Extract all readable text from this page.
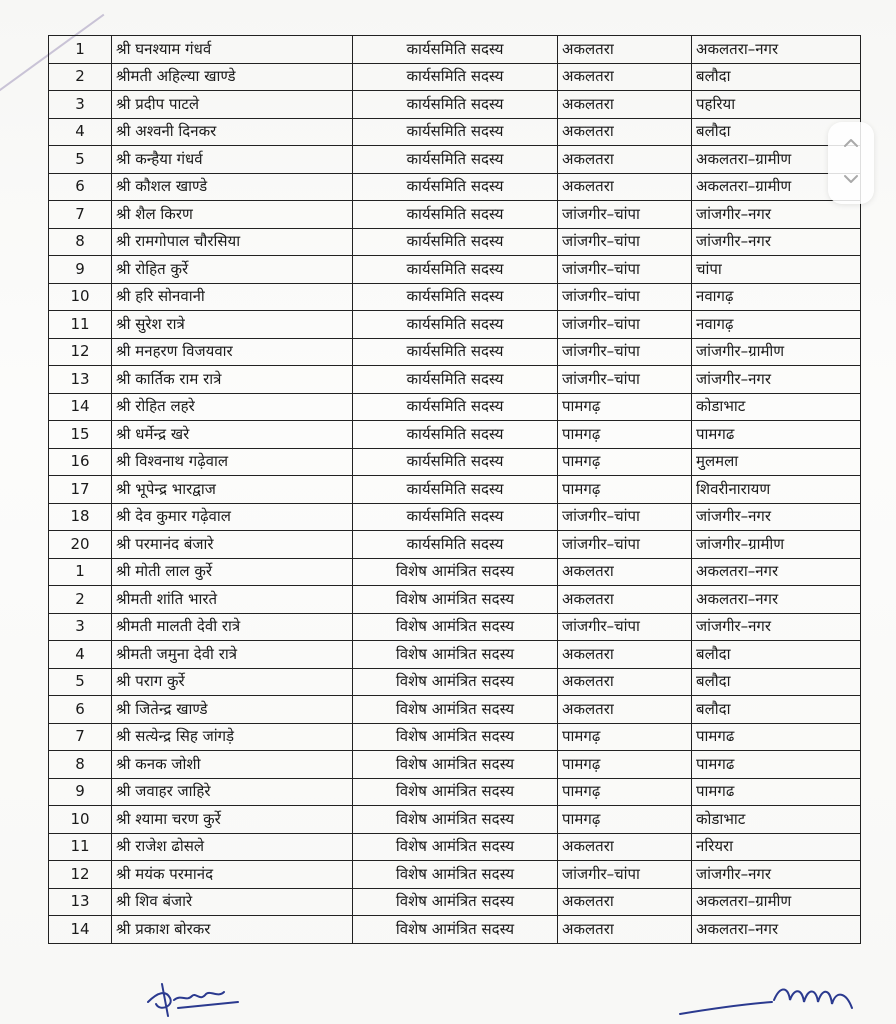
1	श्री घनश्याम गंधर्व	कार्यसमिति सदस्य	अकलतरा	अकलतरा–नगर
2	श्रीमती अहिल्या खाण्डे	कार्यसमिति सदस्य	अकलतरा	बलौदा
3	श्री प्रदीप पाटले	कार्यसमिति सदस्य	अकलतरा	पहरिया
4	श्री अश्वनी दिनकर	कार्यसमिति सदस्य	अकलतरा	बलौदा
5	श्री कन्हैया गंधर्व	कार्यसमिति सदस्य	अकलतरा	अकलतरा–ग्रामीण
6	श्री कौशल खाण्डे	कार्यसमिति सदस्य	अकलतरा	अकलतरा–ग्रामीण
7	श्री शैल किरण	कार्यसमिति सदस्य	जांजगीर–चांपा	जांजगीर–नगर
8	श्री रामगोपाल चौरसिया	कार्यसमिति सदस्य	जांजगीर–चांपा	जांजगीर–नगर
9	श्री रोहित कुर्रे	कार्यसमिति सदस्य	जांजगीर–चांपा	चांपा
10	श्री हरि सोनवानी	कार्यसमिति सदस्य	जांजगीर–चांपा	नवागढ़
11	श्री सुरेश रात्रे	कार्यसमिति सदस्य	जांजगीर–चांपा	नवागढ़
12	श्री मनहरण विजयवार	कार्यसमिति सदस्य	जांजगीर–चांपा	जांजगीर–ग्रामीण
13	श्री कार्तिक राम रात्रे	कार्यसमिति सदस्य	जांजगीर–चांपा	जांजगीर–नगर
14	श्री रोहित लहरे	कार्यसमिति सदस्य	पामगढ़	कोडाभाट
15	श्री धर्मेन्द्र खरे	कार्यसमिति सदस्य	पामगढ़	पामगढ
16	श्री विश्वनाथ गढ़ेवाल	कार्यसमिति सदस्य	पामगढ़	मुलमला
17	श्री भूपेन्द्र भारद्वाज	कार्यसमिति सदस्य	पामगढ़	शिवरीनारायण
18	श्री देव कुमार गढ़ेवाल	कार्यसमिति सदस्य	जांजगीर–चांपा	जांजगीर–नगर
20	श्री परमानंद बंजारे	कार्यसमिति सदस्य	जांजगीर–चांपा	जांजगीर–ग्रामीण
1	श्री मोती लाल कुर्रे	विशेष आमंत्रित सदस्य	अकलतरा	अकलतरा–नगर
2	श्रीमती शांति भारते	विशेष आमंत्रित सदस्य	अकलतरा	अकलतरा–नगर
3	श्रीमती मालती देवी रात्रे	विशेष आमंत्रित सदस्य	जांजगीर–चांपा	जांजगीर–नगर
4	श्रीमती जमुना देवी रात्रे	विशेष आमंत्रित सदस्य	अकलतरा	बलौदा
5	श्री पराग कुर्रे	विशेष आमंत्रित सदस्य	अकलतरा	बलौदा
6	श्री जितेन्द्र खाण्डे	विशेष आमंत्रित सदस्य	अकलतरा	बलौदा
7	श्री सत्येन्द्र सिह जांगड़े	विशेष आमंत्रित सदस्य	पामगढ़	पामगढ
8	श्री कनक जोशी	विशेष आमंत्रित सदस्य	पामगढ़	पामगढ
9	श्री जवाहर जाहिरे	विशेष आमंत्रित सदस्य	पामगढ़	पामगढ
10	श्री श्यामा चरण कुर्रे	विशेष आमंत्रित सदस्य	पामगढ़	कोडाभाट
11	श्री राजेश ढोसले	विशेष आमंत्रित सदस्य	अकलतरा	नरियरा
12	श्री मयंक परमानंद	विशेष आमंत्रित सदस्य	जांजगीर–चांपा	जांजगीर–नगर
13	श्री शिव बंजारे	विशेष आमंत्रित सदस्य	अकलतरा	अकलतरा–ग्रामीण
14	श्री प्रकाश बोरकर	विशेष आमंत्रित सदस्य	अकलतरा	अकलतरा–नगर
